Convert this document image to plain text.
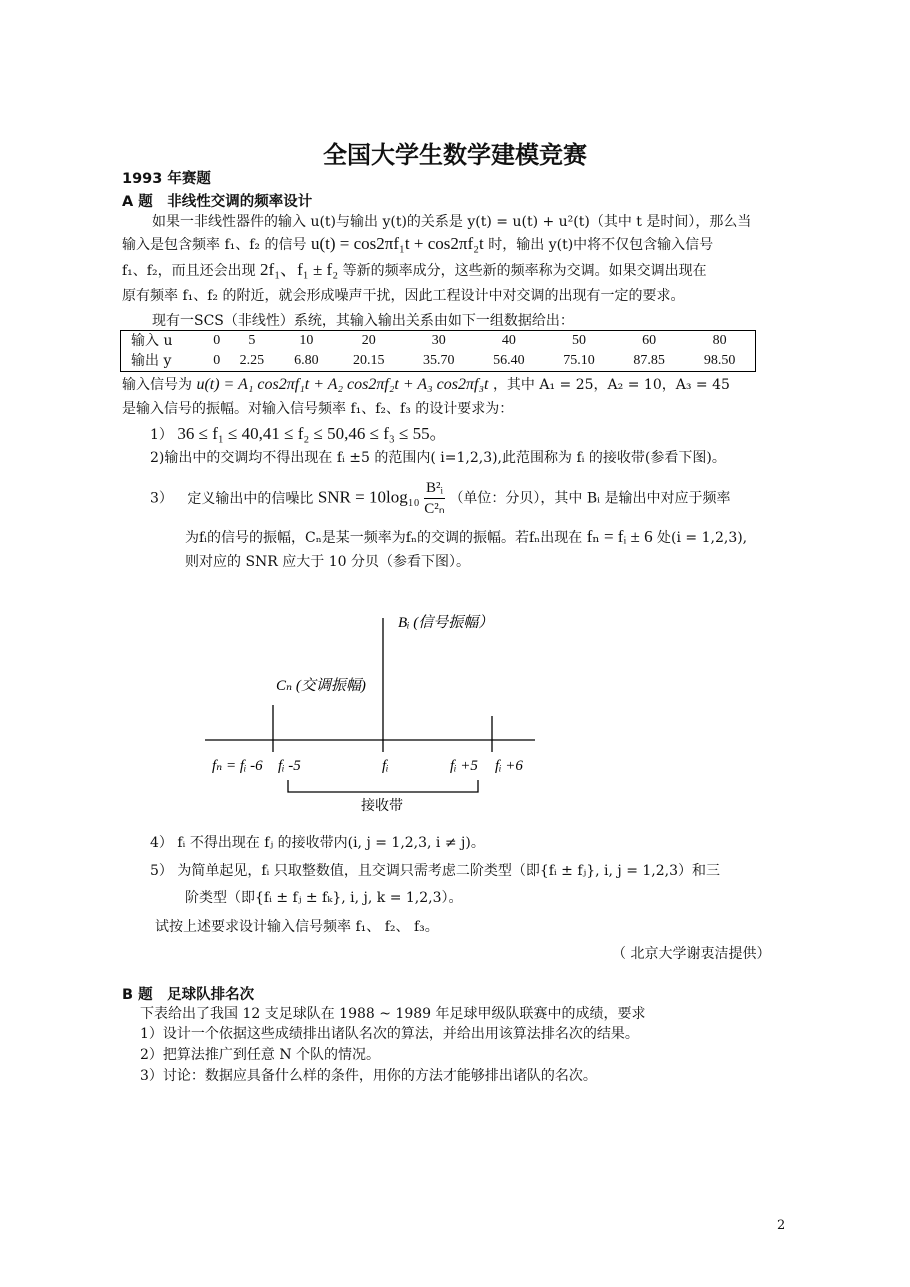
全国大学生数学建模竞赛
1993 年赛题
A 题　非线性交调的频率设计
如果一非线性器件的输入 u(t)与输出 y(t)的关系是 y(t) = u(t) + u²(t)（其中 t 是时间），那么当
输入是包含频率 f₁、f₂ 的信号 u(t) = cos2πf₁t + cos2πf₂t 时，输出 y(t)中将不仅包含输入信号
f₁、f₂，而且还会出现 2f₁、f₁ ± f₂ 等新的频率成分，这些新的频率称为交调。如果交调出现在
原有频率 f₁、f₂ 的附近，就会形成噪声干扰，因此工程设计中对交调的出现有一定的要求。
现有一SCS（非线性）系统，其输入输出关系由如下一组数据给出：
输入 u	0	5	10	20	30	40	50	60	80
输出 y	0	2.25	6.80	20.15	35.70	56.40	75.10	87.85	98.50
输入信号为 u(t) = A₁ cos2πf₁t + A₂ cos2πf₂t + A₃ cos2πf₃t ，其中 A₁ = 25，A₂ = 10，A₃ = 45
是输入信号的振幅。对输入信号频率 f₁、f₂、f₃ 的设计要求为：
1） 36 ≤ f₁ ≤ 40,41 ≤ f₂ ≤ 50,46 ≤ f₃ ≤ 55。
2)输出中的交调均不得出现在 fᵢ ±5 的范围内( i=1,2,3),此范围称为 fᵢ 的接收带(参看下图)。
3） 定义输出中的信噪比 SNR = $10\log_{10} \frac{\text{B²ᵢ}}{\text{C²ₙ}}$ （单位：分贝），其中 Bᵢ 是输出中对应于频率
为fᵢ的信号的振幅，Cₙ是某一频率为fₙ的交调的振幅。若fₙ出现在 fₙ = fᵢ ± 6 处(i = 1,2,3),
则对应的 SNR 应大于 10 分贝（参看下图）。
Bᵢ (信号振幅）
Cₙ (交调振幅)
fₙ = fᵢ -6 fᵢ -5	fᵢ	fᵢ +5 fᵢ +6
接收带
4） fᵢ 不得出现在 fⱼ 的接收带内(i, j = 1,2,3, i ≠ j)。
5） 为简单起见，fᵢ 只取整数值，且交调只需考虑二阶类型（即{fᵢ ± fⱼ}, i, j = 1,2,3）和三
阶类型（即{fᵢ ± fⱼ ± fₖ}, i, j, k = 1,2,3）。
试按上述要求设计输入信号频率 f₁、 f₂、 f₃。
（ 北京大学谢衷洁提供）
B 题　足球队排名次
下表给出了我国 12 支足球队在 1988 ~ 1989 年足球甲级队联赛中的成绩，要求
1）设计一个依据这些成绩排出诸队名次的算法，并给出用该算法排名次的结果。
2）把算法推广到任意 N 个队的情况。
3）讨论：数据应具备什么样的条件，用你的方法才能够排出诸队的名次。
2
